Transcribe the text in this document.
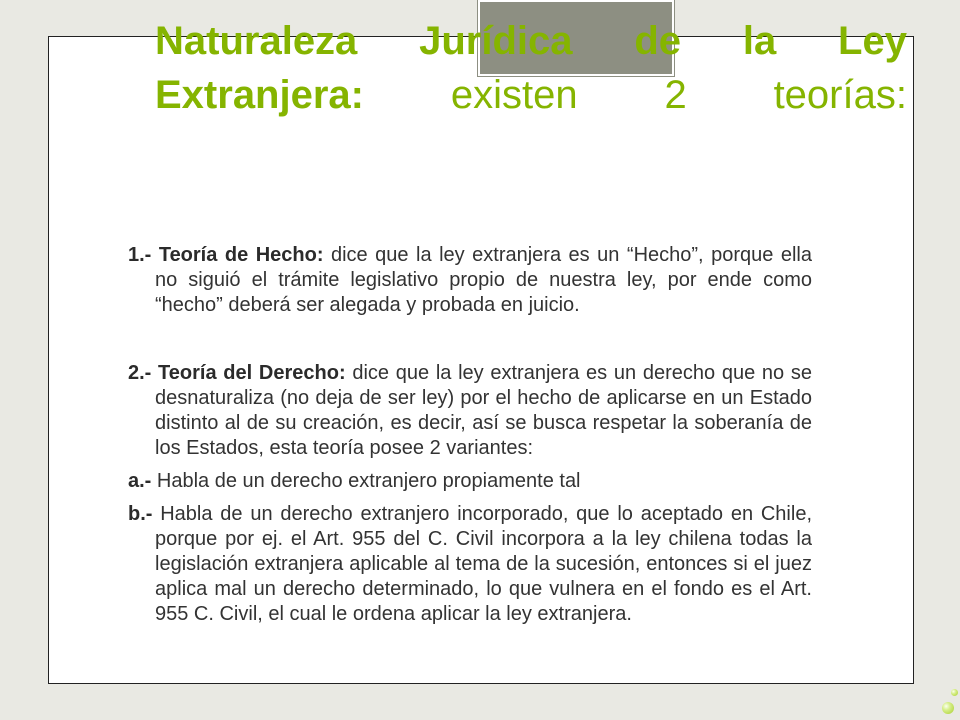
Naturaleza Jurídica de la Ley
Extranjera: existen 2 teorías:

1.- Teoría de Hecho: dice que la ley extranjera es un “Hecho”, porque ella no siguió el trámite legislativo propio de nuestra ley, por ende como “hecho” deberá ser alegada y probada en juicio.

2.- Teoría del Derecho: dice que la ley extranjera es un derecho que no se desnaturaliza (no deja de ser ley) por el hecho de aplicarse en un Estado distinto al de su creación, es decir, así se busca respetar la soberanía de los Estados, esta teoría posee 2 variantes:

a.- Habla de un derecho extranjero propiamente tal

b.- Habla de un derecho extranjero incorporado, que lo aceptado en Chile, porque por ej. el Art. 955 del C. Civil incorpora a la ley chilena todas la legislación extranjera aplicable al tema de la sucesión, entonces si el juez aplica mal un derecho determinado, lo que vulnera en el fondo es el Art. 955 C. Civil, el cual le ordena aplicar la ley extranjera.
